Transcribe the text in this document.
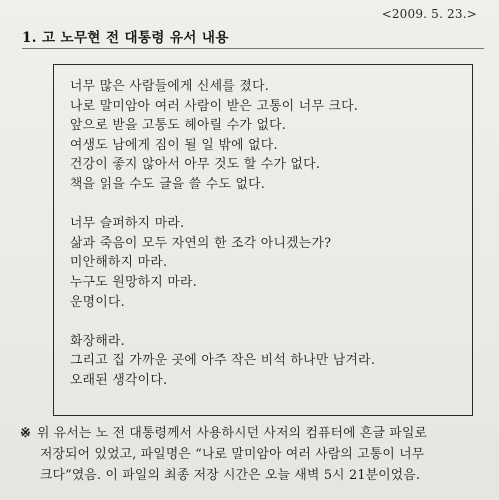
<2009. 5. 23.>
1. 고 노무현 전 대통령 유서 내용
너무 많은 사람들에게 신세를 졌다.
나로 말미암아 여러 사람이 받은 고통이 너무 크다.
앞으로 받을 고통도 헤아릴 수가 없다.
여생도 남에게 짐이 될 일 밖에 없다.
건강이 좋지 않아서 아무 것도 할 수가 없다.
책을 읽을 수도 글을 쓸 수도 없다.
너무 슬퍼하지 마라.
삶과 죽음이 모두 자연의 한 조각 아니겠는가?
미안해하지 마라.
누구도 원망하지 마라.
운명이다.
화장해라.
그리고 집 가까운 곳에 아주 작은 비석 하나만 남겨라.
오래된 생각이다.
※ 위 유서는 노 전 대통령께서 사용하시던 사저의 컴퓨터에 흔글 파일로
저장되어 있었고, 파일명은 “나로 말미암아 여러 사람의 고통이 너무
크다”였음. 이 파일의 최종 저장 시간은 오늘 새벽 5시 21분이었음.
